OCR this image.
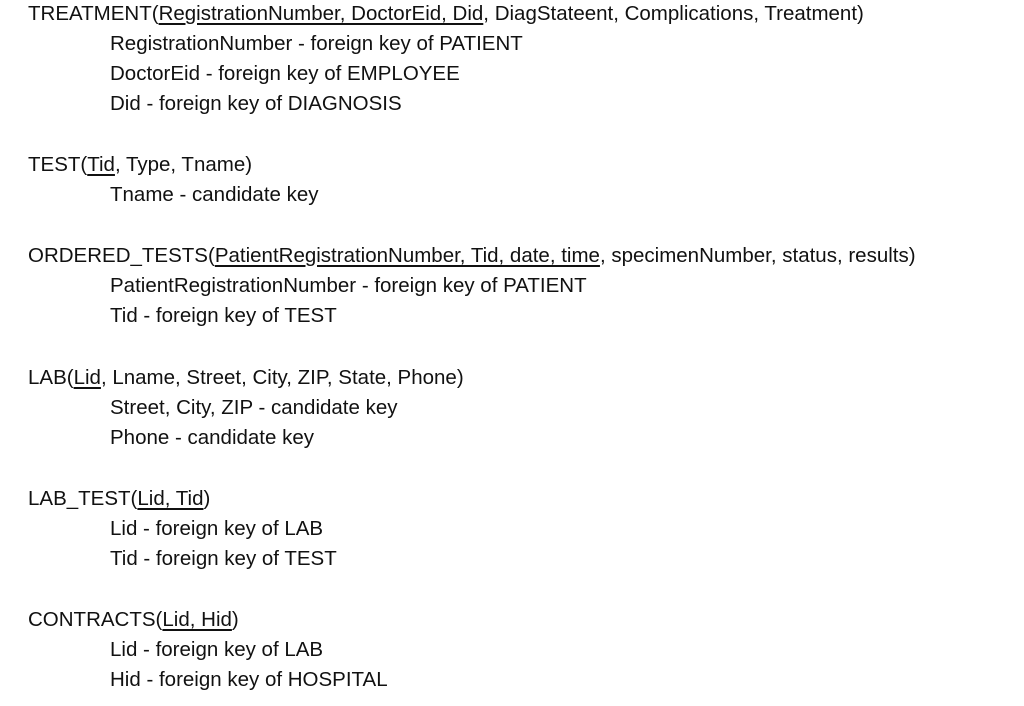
TREATMENT(RegistrationNumber, DoctorEid, Did, DiagStateent, Complications, Treatment)
RegistrationNumber - foreign key of PATIENT
DoctorEid - foreign key of EMPLOYEE
Did - foreign key of DIAGNOSIS
TEST(Tid, Type, Tname)
Tname - candidate key
ORDERED_TESTS(PatientRegistrationNumber, Tid, date, time, specimenNumber, status, results)
PatientRegistrationNumber - foreign key of PATIENT
Tid - foreign key of TEST
LAB(Lid, Lname, Street, City, ZIP, State, Phone)
Street, City, ZIP - candidate key
Phone - candidate key
LAB_TEST(Lid, Tid)
Lid - foreign key of LAB
Tid - foreign key of TEST
CONTRACTS(Lid, Hid)
Lid - foreign key of LAB
Hid - foreign key of HOSPITAL
